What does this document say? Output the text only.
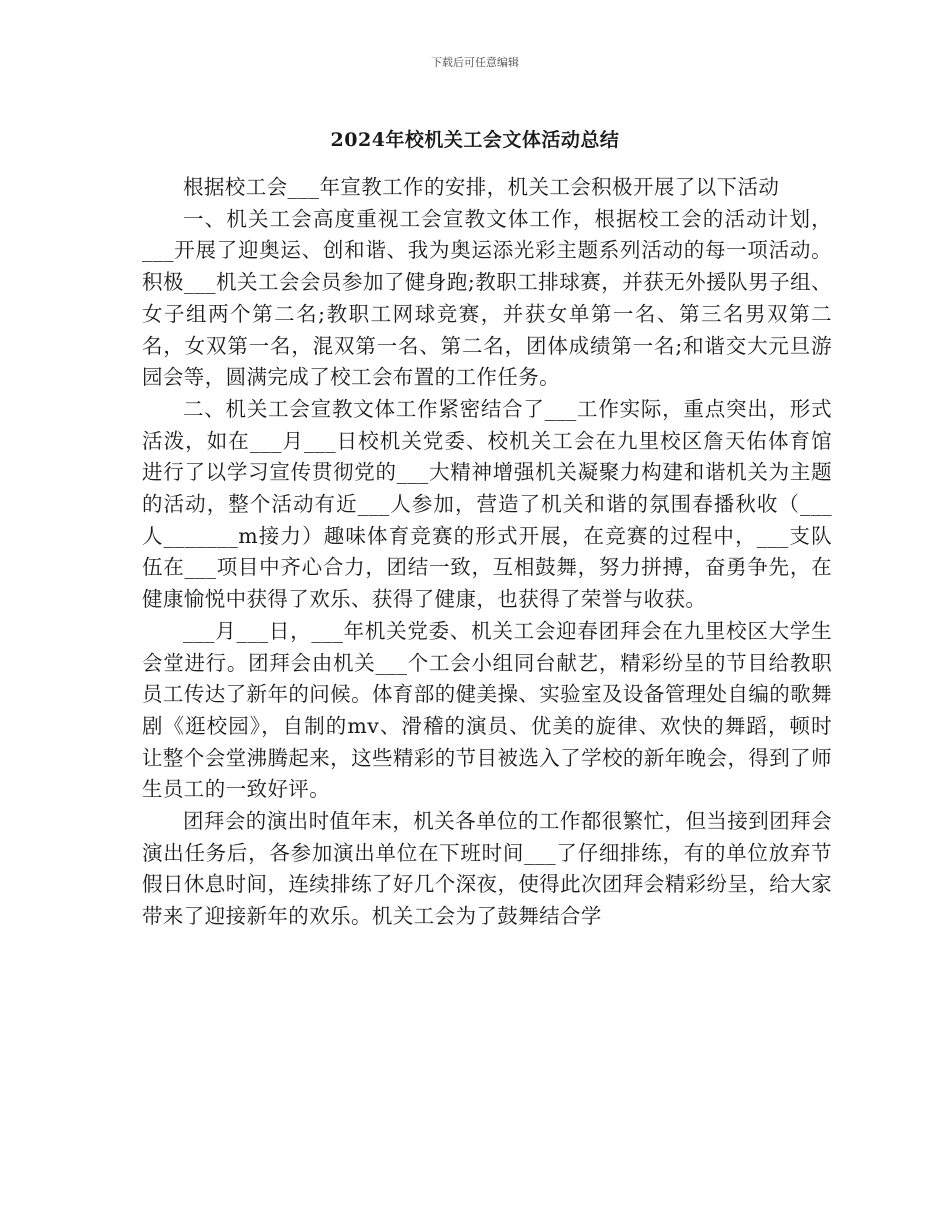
下载后可任意编辑
2024年校机关工会文体活动总结

根据校工会___年宣教工作的安排，机关工会积极开展了以下活动

一、机关工会高度重视工会宣教文体工作，根据校工会的活动计划，___开展了迎奥运、创和谐、我为奥运添光彩主题系列活动的每一项活动。积极___机关工会会员参加了健身跑;教职工排球赛，并获无外援队男子组、女子组两个第二名;教职工网球竞赛，并获女单第一名、第三名男双第二名，女双第一名，混双第一名、第二名，团体成绩第一名;和谐交大元旦游园会等，圆满完成了校工会布置的工作任务。

二、机关工会宣教文体工作紧密结合了___工作实际，重点突出，形式活泼，如在___月___日校机关党委、校机关工会在九里校区詹天佑体育馆进行了以学习宣传贯彻党的___大精神增强机关凝聚力构建和谐机关为主题的活动，整个活动有近___人参加，营造了机关和谐的氛围春播秋收（___人_______m接力）趣味体育竞赛的形式开展，在竞赛的过程中，___支队伍在___项目中齐心合力，团结一致，互相鼓舞，努力拼搏，奋勇争先，在健康愉悦中获得了欢乐、获得了健康，也获得了荣誉与收获。

___月___日，___年机关党委、机关工会迎春团拜会在九里校区大学生会堂进行。团拜会由机关___个工会小组同台献艺，精彩纷呈的节目给教职员工传达了新年的问候。体育部的健美操、实验室及设备管理处自编的歌舞剧《逛校园》，自制的mv、滑稽的演员、优美的旋律、欢快的舞蹈，顿时让整个会堂沸腾起来，这些精彩的节目被选入了学校的新年晚会，得到了师生员工的一致好评。

团拜会的演出时值年末，机关各单位的工作都很繁忙，但当接到团拜会演出任务后，各参加演出单位在下班时间___了仔细排练，有的单位放弃节假日休息时间，连续排练了好几个深夜，使得此次团拜会精彩纷呈，给大家带来了迎接新年的欢乐。机关工会为了鼓舞结合学
